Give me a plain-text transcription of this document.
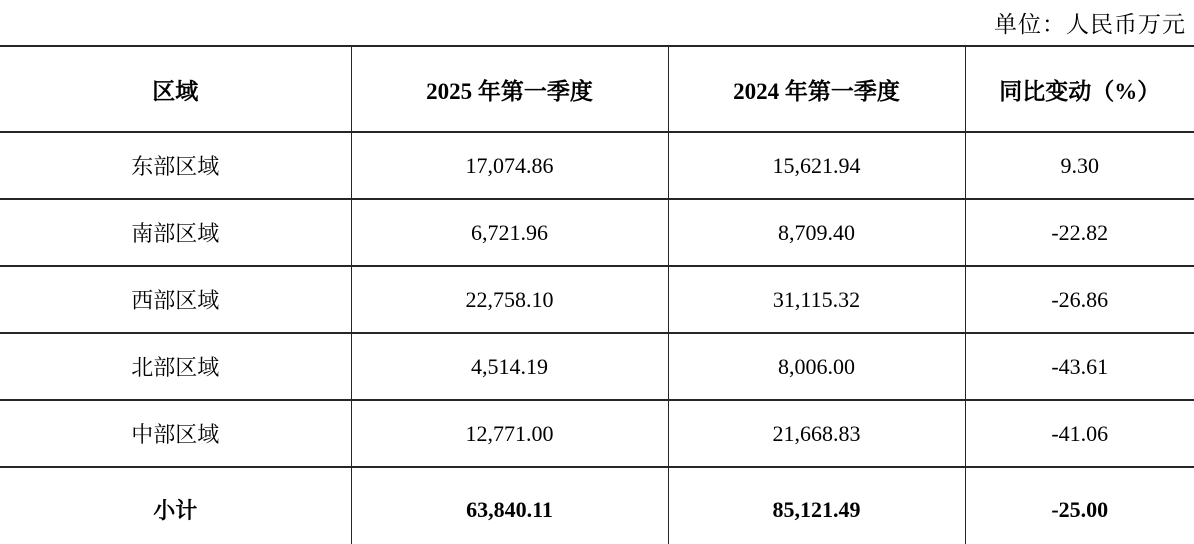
单位：人民币万元
区域	2025 年第一季度	2024 年第一季度	同比变动（%）
东部区域	17,074.86	15,621.94	9.30
南部区域	6,721.96	8,709.40	-22.82
西部区域	22,758.10	31,115.32	-26.86
北部区域	4,514.19	8,006.00	-43.61
中部区域	12,771.00	21,668.83	-41.06
小计	63,840.11	85,121.49	-25.00
